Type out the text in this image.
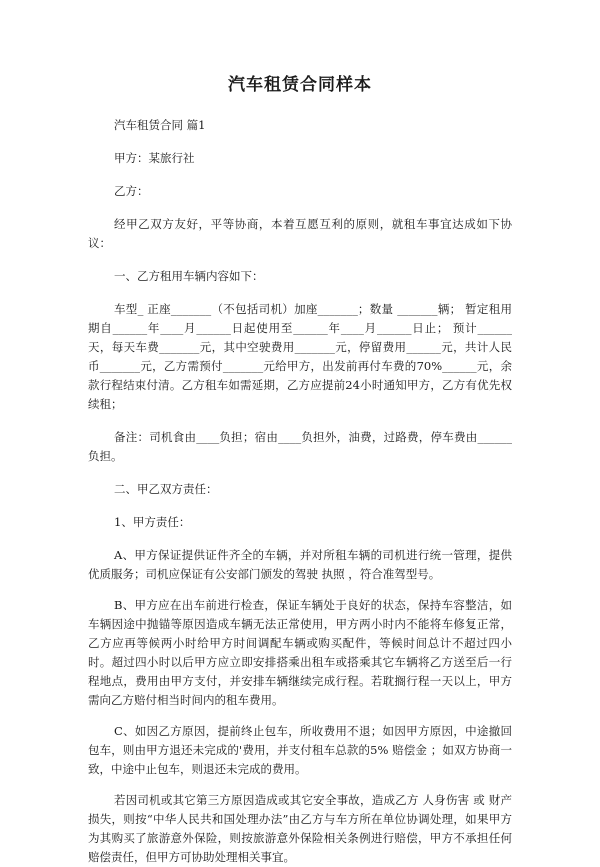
汽车租赁合同样本

汽车租赁合同 篇1

甲方：某旅行社

乙方：

经甲乙双方友好，平等协商，本着互愿互利的原则，就租车事宜达成如下协议：

一、乙方租用车辆内容如下：

车型_ 正座_______（不包括司机）加座_______；数量 _______辆； 暂定租用期自______年____月______日起使用至______年____月______日止； 预计______天，每天车费_______元，其中空驶费用_______元，停留费用______元，共计人民币_______元，乙方需预付_______元给甲方，出发前再付车费的70%______元，余款行程结束付清。乙方租车如需延期，乙方应提前24小时通知甲方，乙方有优先权续租；

备注：司机食由____负担；宿由____负担外，油费，过路费，停车费由______负担。

二、甲乙双方责任：

1、甲方责任：

A、甲方保证提供证件齐全的车辆，并对所租车辆的司机进行统一管理，提供优质服务；司机应保证有公安部门颁发的驾驶 执照 ，符合准驾型号。

B、甲方应在出车前进行检查，保证车辆处于良好的状态，保持车容整洁，如车辆因途中抛锚等原因造成车辆无法正常使用，甲方两小时内不能将车修复正常，乙方应再等候两小时给甲方时间调配车辆或购买配件，等候时间总计不超过四小时。超过四小时以后甲方应立即安排搭乘出租车或搭乘其它车辆将乙方送至后一行程地点，费用由甲方支付，并安排车辆继续完成行程。若耽搁行程一天以上，甲方需向乙方赔付相当时间内的租车费用。

C、如因乙方原因，提前终止包车，所收费用不退；如因甲方原因，中途撤回包车，则由甲方退还未完成的'费用，并支付租车总款的5% 赔偿金 ；如双方协商一致，中途中止包车，则退还未完成的费用。

若因司机或其它第三方原因造成或其它安全事故，造成乙方 人身伤害 或 财产损失，则按“中华人民共和国处理办法”由乙方与车方所在单位协调处理，如果甲方为其购买了旅游意外保险，则按旅游意外保险相关条例进行赔偿，甲方不承担任何赔偿责任，但甲方可协助处理相关事宜。
